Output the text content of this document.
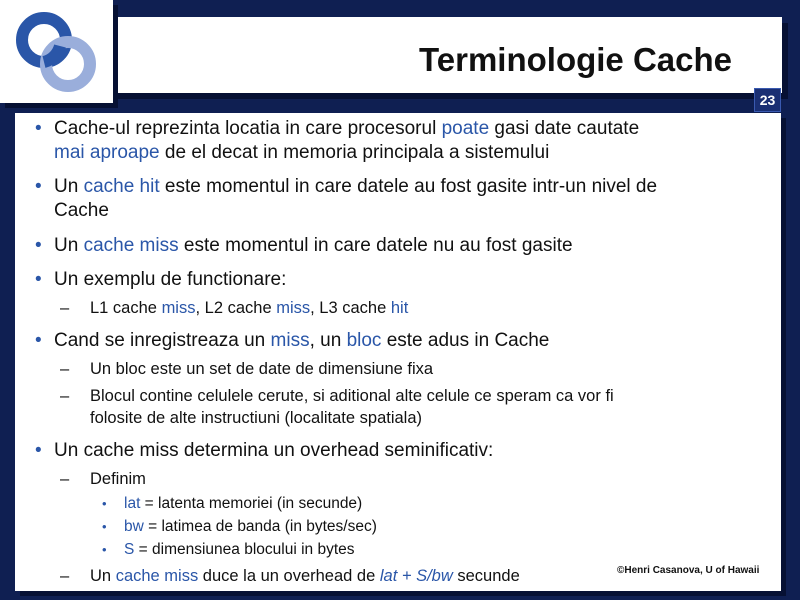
Terminologie Cache
23
• Cache-ul reprezinta locatia in care procesorul poate gasi date cautate
mai aproape de el decat in memoria principala a sistemului
• Un cache hit este momentul in care datele au fost gasite intr-un nivel de
Cache
• Un cache miss este momentul in care datele nu au fost gasite
• Un exemplu de functionare:
– L1 cache miss, L2 cache miss, L3 cache hit
• Cand se inregistreaza un miss, un bloc este adus in Cache
– Un bloc este un set de date de dimensiune fixa
– Blocul contine celulele cerute, si aditional alte celule ce speram ca vor fi
folosite de alte instructiuni (localitate spatiala)
• Un cache miss determina un overhead seminificativ:
– Definim
• lat = latenta memoriei (in secunde)
• bw = latimea de banda (in bytes/sec)
• S = dimensiunea blocului in bytes
– Un cache miss duce la un overhead de lat + S/bw secunde	©Henri Casanova, U of Hawaii
